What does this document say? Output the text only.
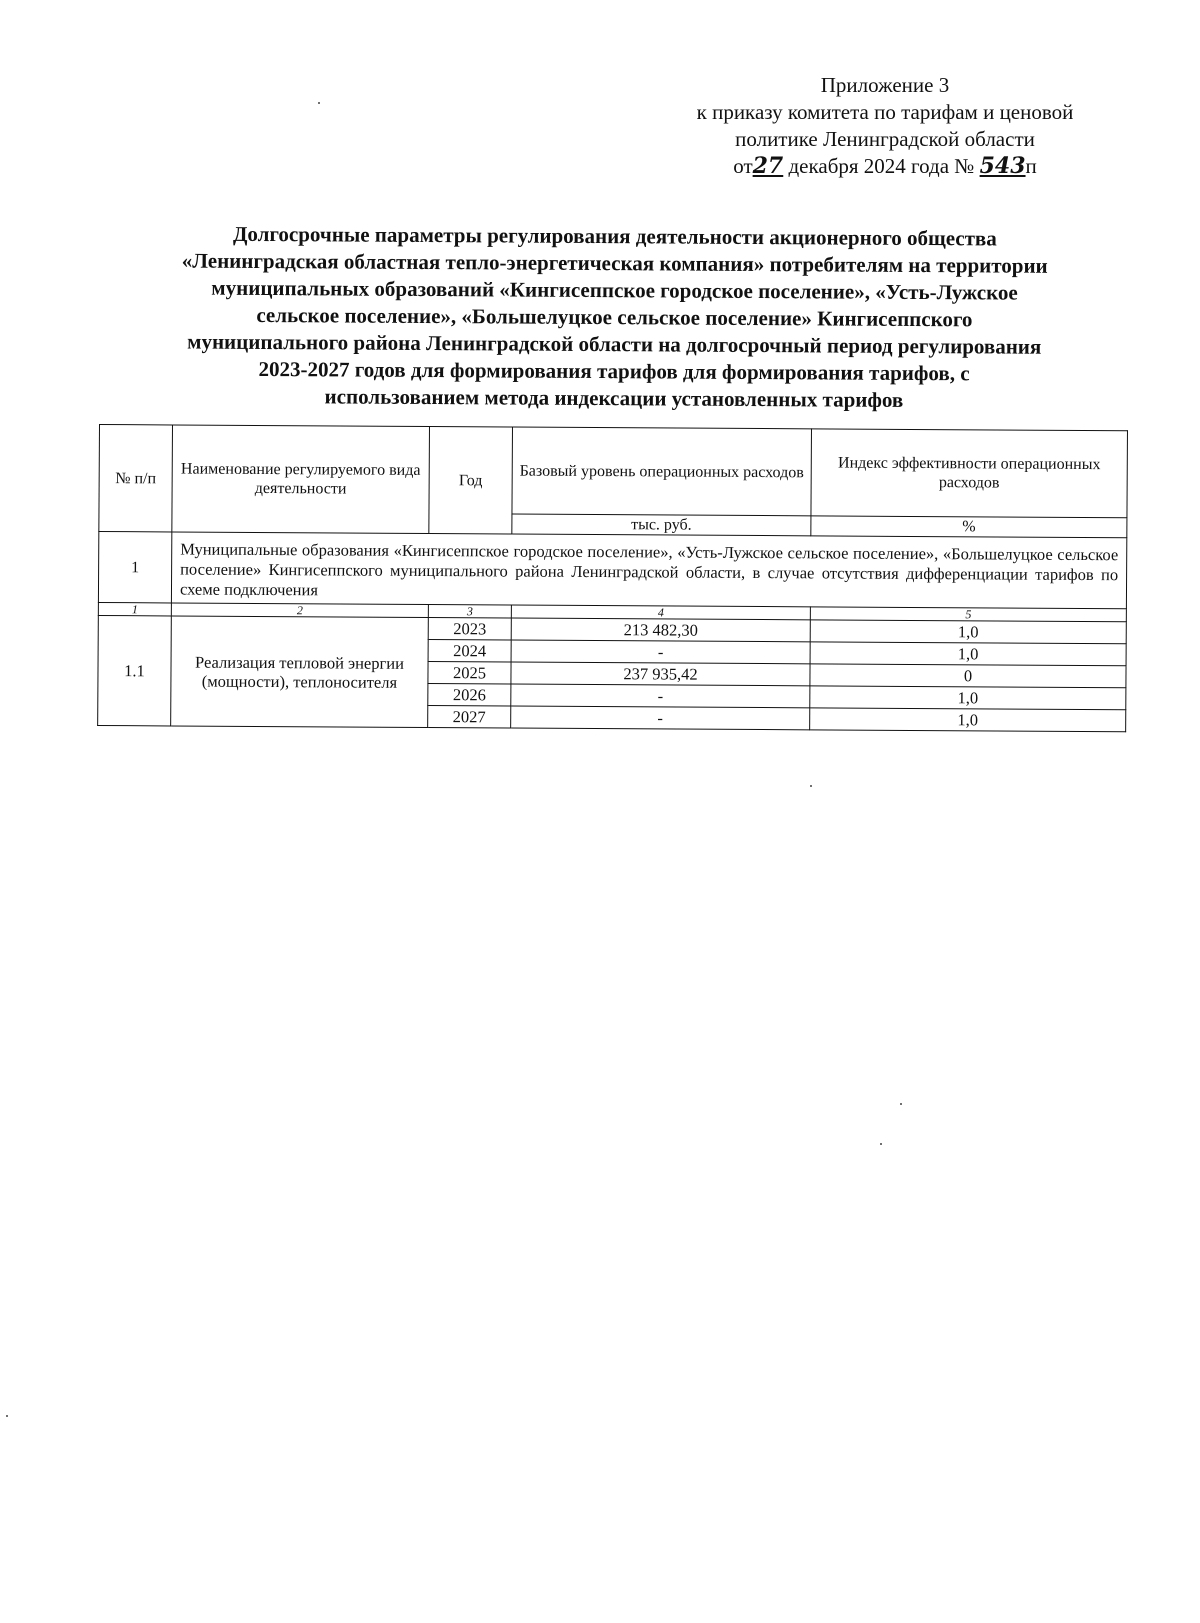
Приложение 3
к приказу комитета по тарифам и ценовой
политике Ленинградской области
от27 декабря 2024 года № 543п
Долгосрочные параметры регулирования деятельности акционерного общества
«Ленинградская областная тепло-энергетическая компания» потребителям на территории
муниципальных образований «Кингисеппское городское поселение», «Усть-Лужское
сельское поселение», «Большелуцкое сельское поселение» Кингисеппского
муниципального района Ленинградской области на долгосрочный период регулирования
2023-2027 годов для формирования тарифов для формирования тарифов, с
использованием метода индексации установленных тарифов
№ п/п	Наименование регулируемого вида деятельности	Год	Базовый уровень операционных расходов	Индекс эффективности операционных расходов
			тыс. руб.	%
1	Муниципальные образования «Кингисеппское городское поселение», «Усть-Лужское сельское поселение», «Большелуцкое сельское поселение» Кингисеппского муниципального района Ленинградской области, в случае отсутствия дифференциации тарифов по схеме подключения			
1	2	3	4	5
1.1	Реализация тепловой энергии (мощности), теплоносителя	2023	213 482,30	1,0
		2024	-	1,0
		2025	237 935,42	0
		2026	-	1,0
		2027	-	1,0
